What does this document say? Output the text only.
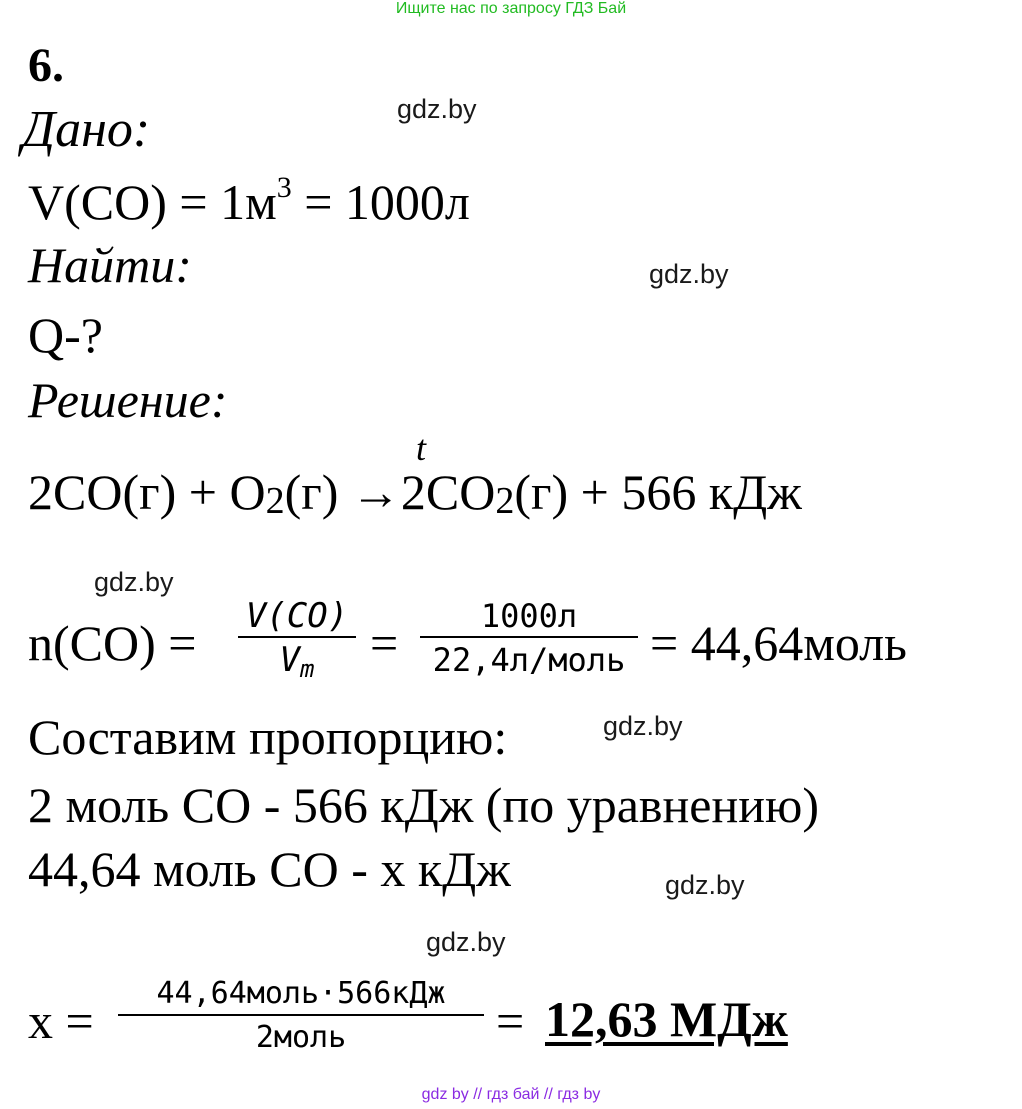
Ищите нас по запросу ГДЗ Бай
6.
Дано:	gdz.by
$V(CO) = 1м^3 = 1000л$
Найти:	gdz.by
Q-?
Решение:
t
2CO(г) + O2(г) →2CO2(г) + 566 кДж
gdz.by
n(CO) = V(CO)
Vm	=	1000л
22,4л/моль = 44,64моль
Составим пропорцию:	gdz.by
2 моль CO - 566 кДж (по уравнению)
44,64 моль CO - x кДж	gdz.by
gdz.by
x =	44,64моль·566кДж
2моль	= 12,63 МДж
gdz by // гдз бай // гдз by
